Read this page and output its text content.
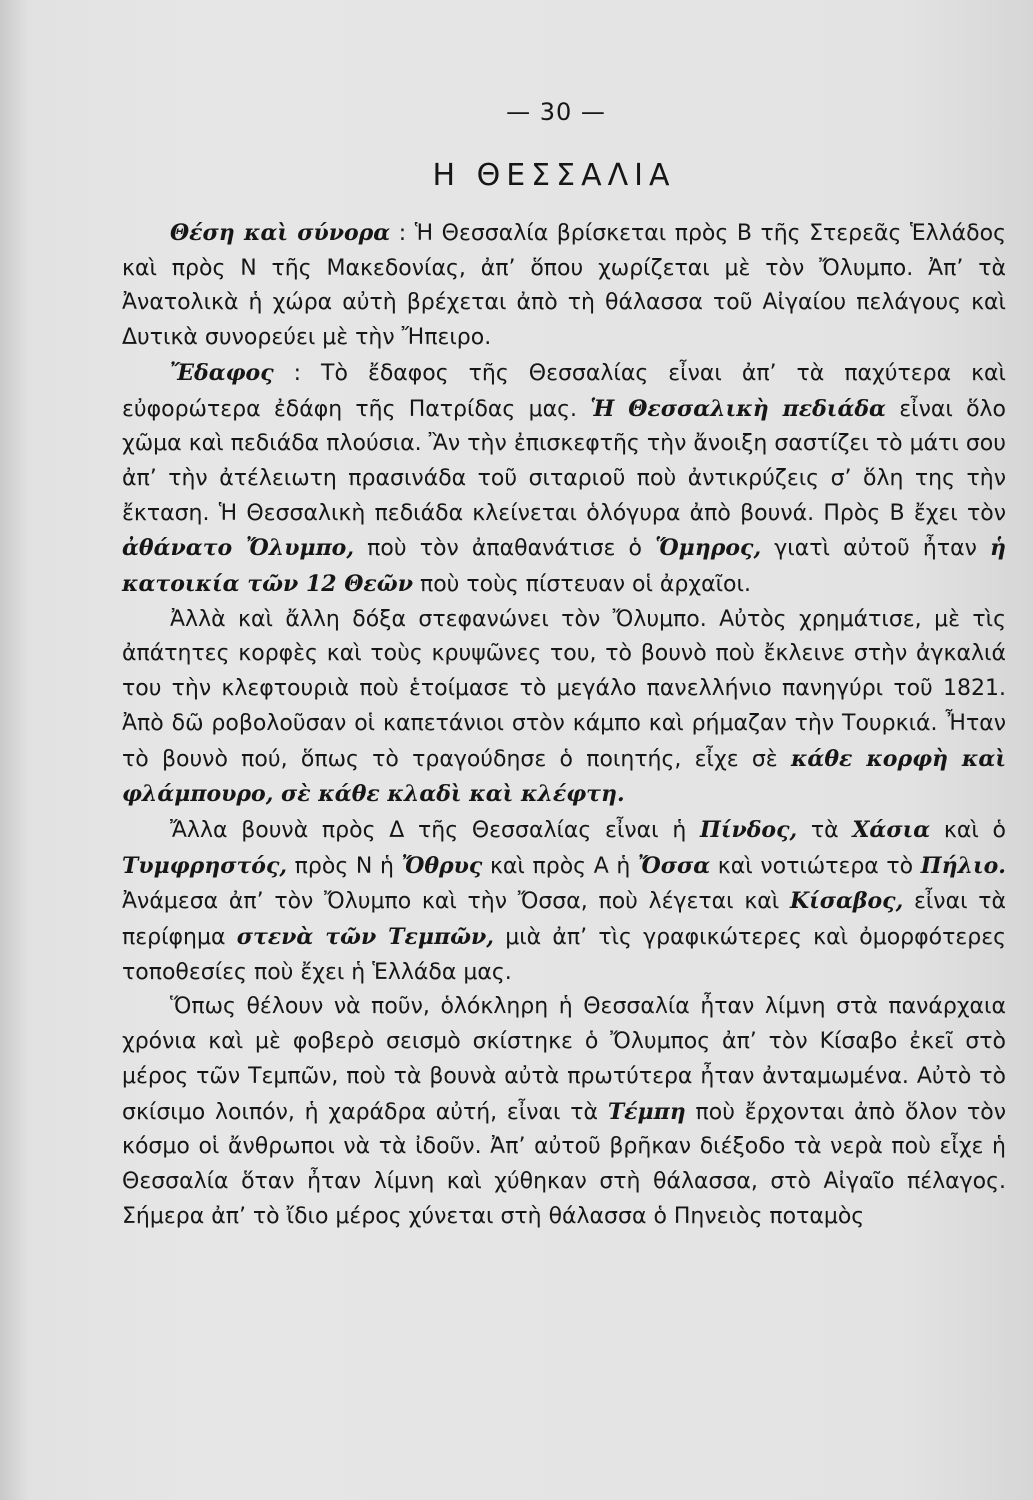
— 30 —
Η ΘΕΣΣΑΛΙΑ

Θέση καὶ σύνορα : Ἡ Θεσσαλία βρίσκεται πρὸς Β τῆς Στερεᾶς Ἑλλάδος καὶ πρὸς Ν τῆς Μακεδονίας, ἀπ’ ὅπου χωρίζεται μὲ τὸν Ὄλυμπο. Ἀπ’ τὰ Ἀνατολικὰ ἡ χώρα αὐτὴ βρέχεται ἀπὸ τὴ θάλασσα τοῦ Αἰγαίου πελάγους καὶ Δυτικὰ συνορεύει μὲ τὴν Ἤπειρο.

Ἔδαφος : Τὸ ἔδαφος τῆς Θεσσαλίας εἶναι ἀπ’ τὰ παχύτερα καὶ εὐφορώτερα ἐδάφη τῆς Πατρίδας μας. Ἡ Θεσσαλικὴ πεδιάδα εἶναι ὅλο χῶμα καὶ πεδιάδα πλούσια. Ἂν τὴν ἐπισκεφτῆς τὴν ἄνοιξη σαστίζει τὸ μάτι σου ἀπ’ τὴν ἀτέλειωτη πρασινάδα τοῦ σιταριοῦ ποὺ ἀντικρύζεις σ’ ὅλη της τὴν ἔκταση. Ἡ Θεσσαλικὴ πεδιάδα κλείνεται ὁλόγυρα ἀπὸ βουνά. Πρὸς Β ἔχει τὸν ἀθάνατο Ὄλυμπο, ποὺ τὸν ἀπαθανάτισε ὁ Ὅμηρος, γιατὶ αὐτοῦ ἦταν ἡ κατοικία τῶν 12 Θεῶν ποὺ τοὺς πίστευαν οἱ ἀρχαῖοι.

Ἀλλὰ καὶ ἄλλη δόξα στεφανώνει τὸν Ὄλυμπο. Αὐτὸς χρημάτισε, μὲ τὶς ἀπάτητες κορφὲς καὶ τοὺς κρυψῶνες του, τὸ βουνὸ ποὺ ἔκλεινε στὴν ἀγκαλιά του τὴν κλεφτουριὰ ποὺ ἑτοίμασε τὸ μεγάλο πανελλήνιο πανηγύρι τοῦ 1821. Ἀπὸ δῶ ροβολοῦσαν οἱ καπετάνιοι στὸν κάμπο καὶ ρήμαζαν τὴν Τουρκιά. Ἦταν τὸ βουνὸ πού, ὅπως τὸ τραγούδησε ὁ ποιητής, εἶχε σὲ κάθε κορφὴ καὶ φλάμπουρο, σὲ κάθε κλαδὶ καὶ κλέφτη.

Ἄλλα βουνὰ πρὸς Δ τῆς Θεσσαλίας εἶναι ἡ Πίνδος, τὰ Χάσια καὶ ὁ Τυμφρηστός, πρὸς Ν ἡ Ὄθρυς καὶ πρὸς Α ἡ Ὄσσα καὶ νοτιώτερα τὸ Πήλιο. Ἀνάμεσα ἀπ’ τὸν Ὄλυμπο καὶ τὴν Ὄσσα, ποὺ λέγεται καὶ Κίσαβος, εἶναι τὰ περίφημα στενὰ τῶν Τεμπῶν, μιὰ ἀπ’ τὶς γραφικώτερες καὶ ὀμορφότερες τοποθεσίες ποὺ ἔχει ἡ Ἑλλάδα μας.

Ὅπως θέλουν νὰ ποῦν, ὁλόκληρη ἡ Θεσσαλία ἦταν λίμνη στὰ πανάρχαια χρόνια καὶ μὲ φοβερὸ σεισμὸ σκίστηκε ὁ Ὄλυμπος ἀπ’ τὸν Κίσαβο ἐκεῖ στὸ μέρος τῶν Τεμπῶν, ποὺ τὰ βουνὰ αὐτὰ πρωτύτερα ἦταν ἀνταμωμένα. Αὐτὸ τὸ σκίσιμο λοιπόν, ἡ χαράδρα αὐτή, εἶναι τὰ Τέμπη ποὺ ἔρχονται ἀπὸ ὅλον τὸν κόσμο οἱ ἄνθρωποι νὰ τὰ ἰδοῦν. Ἀπ’ αὐτοῦ βρῆκαν διέξοδο τὰ νερὰ ποὺ εἶχε ἡ Θεσσαλία ὅταν ἦταν λίμνη καὶ χύθηκαν στὴ θάλασσα, στὸ Αἰγαῖο πέλαγος. Σήμερα ἀπ’ τὸ ἴδιο μέρος χύνεται στὴ θάλασσα ὁ Πηνειὸς ποταμὸς
